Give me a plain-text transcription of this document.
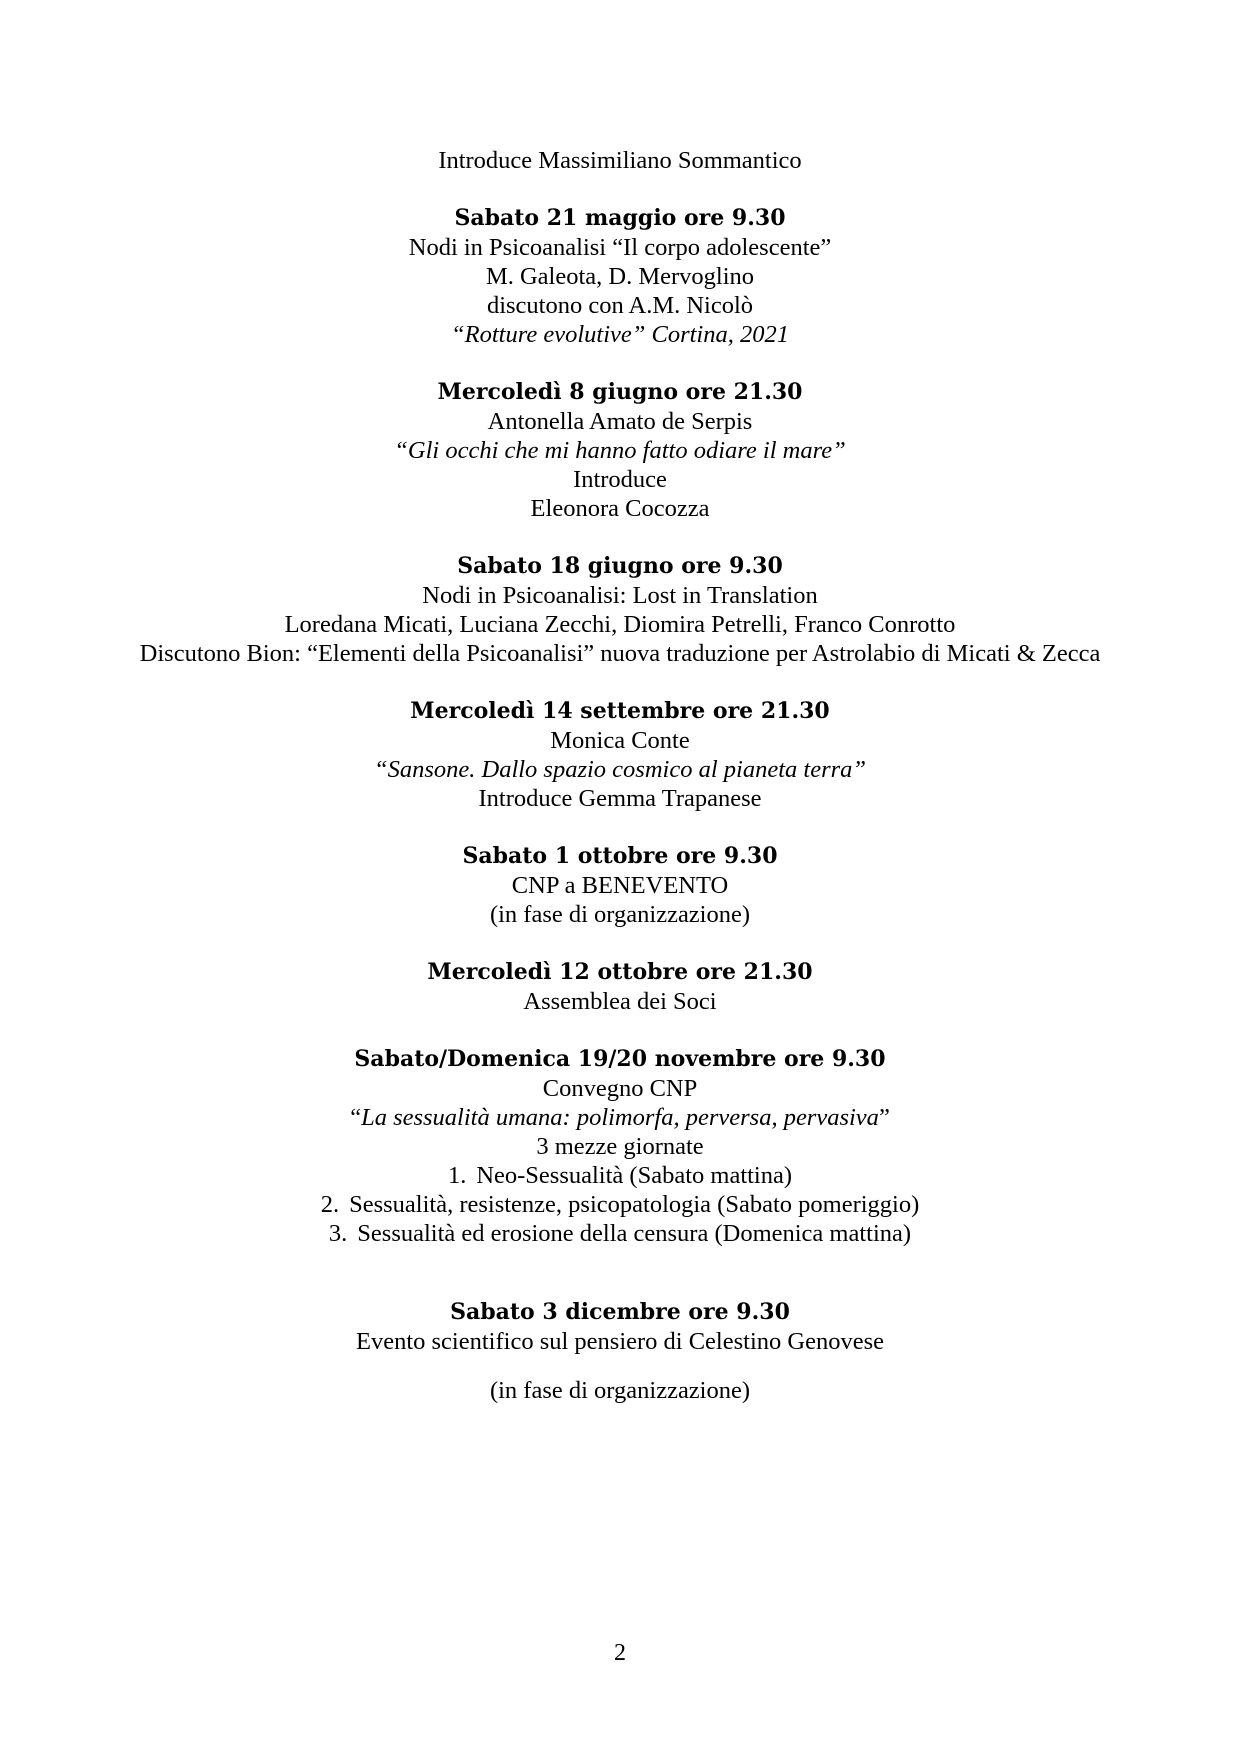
Introduce Massimiliano Sommantico
Sabato 21 maggio ore 9.30
Nodi in Psicoanalisi “Il corpo adolescente”
M. Galeota, D. Mervoglino
discutono con A.M. Nicolò
“Rotture evolutive” Cortina, 2021
Mercoledì 8 giugno ore 21.30
Antonella Amato de Serpis
“Gli occhi che mi hanno fatto odiare il mare”
Introduce
Eleonora Cocozza
Sabato 18 giugno ore 9.30
Nodi in Psicoanalisi: Lost in Translation
Loredana Micati, Luciana Zecchi, Diomira Petrelli, Franco Conrotto
Discutono Bion: “Elementi della Psicoanalisi” nuova traduzione per Astrolabio di Micati & Zecca
Mercoledì 14 settembre ore 21.30
Monica Conte
“Sansone. Dallo spazio cosmico al pianeta terra”
Introduce Gemma Trapanese
Sabato 1 ottobre ore 9.30
CNP a BENEVENTO
(in fase di organizzazione)
Mercoledì 12 ottobre ore 21.30
Assemblea dei Soci
Sabato/Domenica 19/20 novembre ore 9.30
Convegno CNP
“La sessualità umana: polimorfa, perversa, pervasiva”
3 mezze giornate
1. Neo-Sessualità (Sabato mattina)
2. Sessualità, resistenze, psicopatologia (Sabato pomeriggio)
3. Sessualità ed erosione della censura (Domenica mattina)
Sabato 3 dicembre ore 9.30
Evento scientifico sul pensiero di Celestino Genovese
(in fase di organizzazione)
2
